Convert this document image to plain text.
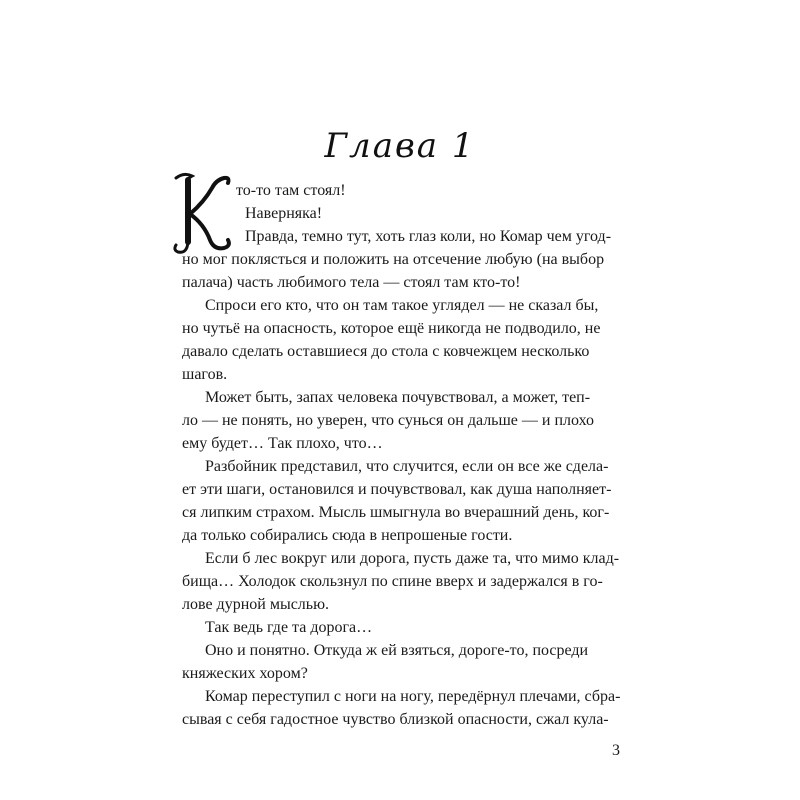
Глава 1
то-то там стоял!
Наверняка!
Правда, темно тут, хоть глаз коли, но Комар чем угод-
но мог поклясться и положить на отсечение любую (на выбор
палача) часть любимого тела — стоял там кто-то!
Спроси его кто, что он там такое углядел — не сказал бы,
но чутьё на опасность, которое ещё никогда не подводило, не
давало сделать оставшиеся до стола с ковчежцем несколько
шагов.
Может быть, запах человека почувствовал, а может, теп-
ло — не понять, но уверен, что сунься он дальше — и плохо
ему будет… Так плохо, что…
Разбойник представил, что случится, если он все же сдела-
ет эти шаги, остановился и почувствовал, как душа наполняет-
ся липким страхом. Мысль шмыгнула во вчерашний день, ког-
да только собирались сюда в непрошеные гости.
Если б лес вокруг или дорога, пусть даже та, что мимо клад-
бища… Холодок скользнул по спине вверх и задержался в го-
лове дурной мыслью.
Так ведь где та дорога…
Оно и понятно. Откуда ж ей взяться, дороге-то, посреди
княжеских хором?
Комар переступил с ноги на ногу, передёрнул плечами, сбра-
сывая с себя гадостное чувство близкой опасности, сжал кула-
3
